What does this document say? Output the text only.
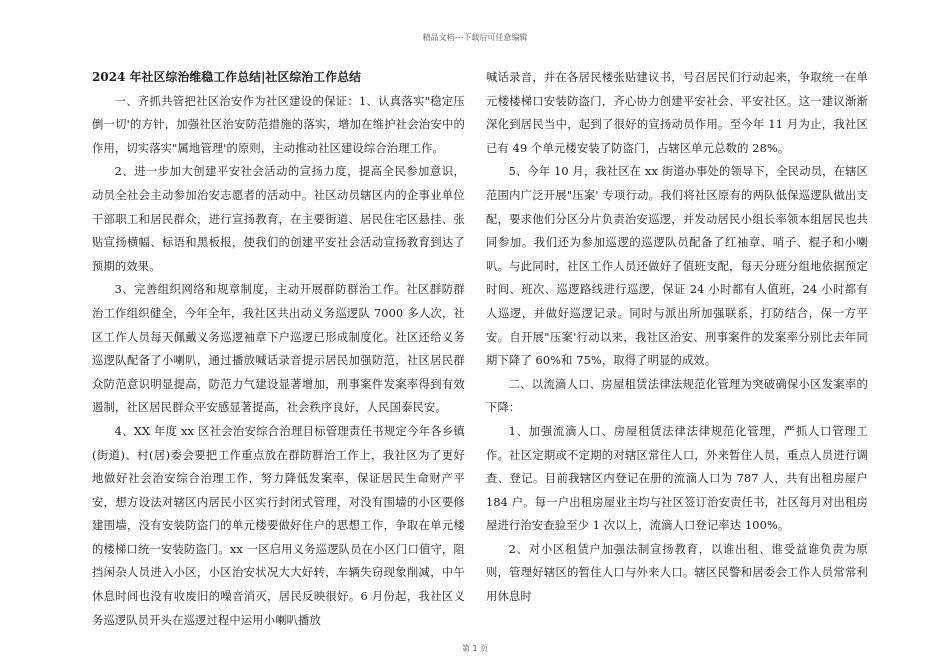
精品文档---下载后可任意编辑

2024 年社区综治维稳工作总结|社区综治工作总结

一、齐抓共管把社区治安作为社区建设的保证：1、认真落实"稳定压倒一切'的方针，加强社区治安防范措施的落实，增加在维护社会治安中的作用，切实落实"属地管理'的原则，主动推动社区建设综合治理工作。

2、进一步加大创建平安社会活动的宣扬力度，提高全民参加意识，动员全社会主动参加治安志愿者的活动中。社区动员辖区内的企事业单位干部职工和居民群众，进行宣扬教育，在主要街道、居民住宅区悬挂、张贴宣扬横幅、标语和黑板报，使我们的创建平安社会活动宣扬教育到达了预期的效果。

3、完善组织网络和规章制度，主动开展群防群治工作。社区群防群治工作组织健全，今年全年，我社区共出动义务巡逻队 7000 多人次，社区工作人员每天佩戴义务巡逻袖章下户巡逻已形成制度化。社区还给义务巡逻队配备了小喇叭，通过播放喊话录音提示居民加强防范，社区居民群众防范意识明显提高，防范力气建设显著增加，刑事案件发案率得到有效遏制，社区居民群众平安感显著提高，社会秩序良好，人民国泰民安。

4、XX 年度 xx 区社会治安综合治理目标管理责任书规定今年各乡镇(街道)、村(居)委会要把工作重点放在群防群治工作上，我社区为了更好地做好社会治安综合治理工作，努力降低发案率，保证居民生命财产平安，想方设法对辖区内居民小区实行封闭式管理，对没有围墙的小区要修建围墙，没有安装防盗门的单元楼要做好住户的思想工作，争取在单元楼的楼梯口统一安装防盗门。xx 一区启用义务巡逻队员在小区门口值守，阻挡闲杂人员进入小区，小区治安状况大大好转，车辆失窃现象削减，中午休息时间也没有收废旧的噪音消灭，居民反映很好。6 月份起，我社区义务巡逻队员开头在巡逻过程中运用小喇叭播放

喊话录音，并在各居民楼张贴建议书，号召居民们行动起来，争取统一在单元楼楼梯口安装防盗门，齐心协力创建平安社会、平安社区。这一建议渐渐深化到居民当中，起到了很好的宣扬动员作用。至今年 11 月为止，我社区已有 49 个单元楼安装了防盗门，占辖区单元总数的 28%。

5、今年 10 月，我社区在 xx 街道办事处的领导下，全民动员，在辖区范围内广泛开展"压案' 专项行动。我们将社区原有的两队低保巡逻队做出支配，要求他们分区分片负责治安巡逻，并发动居民小组长率领本组居民也共同参加。我们还为参加巡逻的巡逻队员配备了红袖章、哨子、棍子和小喇叭。与此同时，社区工作人员还做好了值班支配，每天分班分组地依据预定时间、班次、巡逻路线进行巡逻，保证 24 小时都有人值班，24 小时都有人巡逻，并做好巡逻记录。同时与派出所加强联系，打防结合，保一方平安。自开展"压案'行动以来，我社区治安、刑事案件的发案率分别比去年同期下降了 60%和 75%，取得了明显的成效。

二、以流滴人口、房屋租赁法律法规范化管理为突破确保小区发案率的下降：

1、加强流滴人口、房屋租赁法律法律规范化管理，严抓人口管理工作。社区定期或不定期的对辖区常住人口，外来暂住人员，重点人员进行调查、登记。目前我辖区内登记在册的流滴人口为 787 人，共有出租房屋户 184 户。每一户出租房屋业主均与社区签订治安责任书，社区每月对出租房屋进行治安查验至少 1 次以上，流滴人口登记率达 100%。

2、对小区租赁户加强法制宣扬教育，以谁出租、谁受益谁负责为原则，管理好辖区的暂住人口与外来人口。辖区民警和居委会工作人员常常利用休息时

第 1 页
